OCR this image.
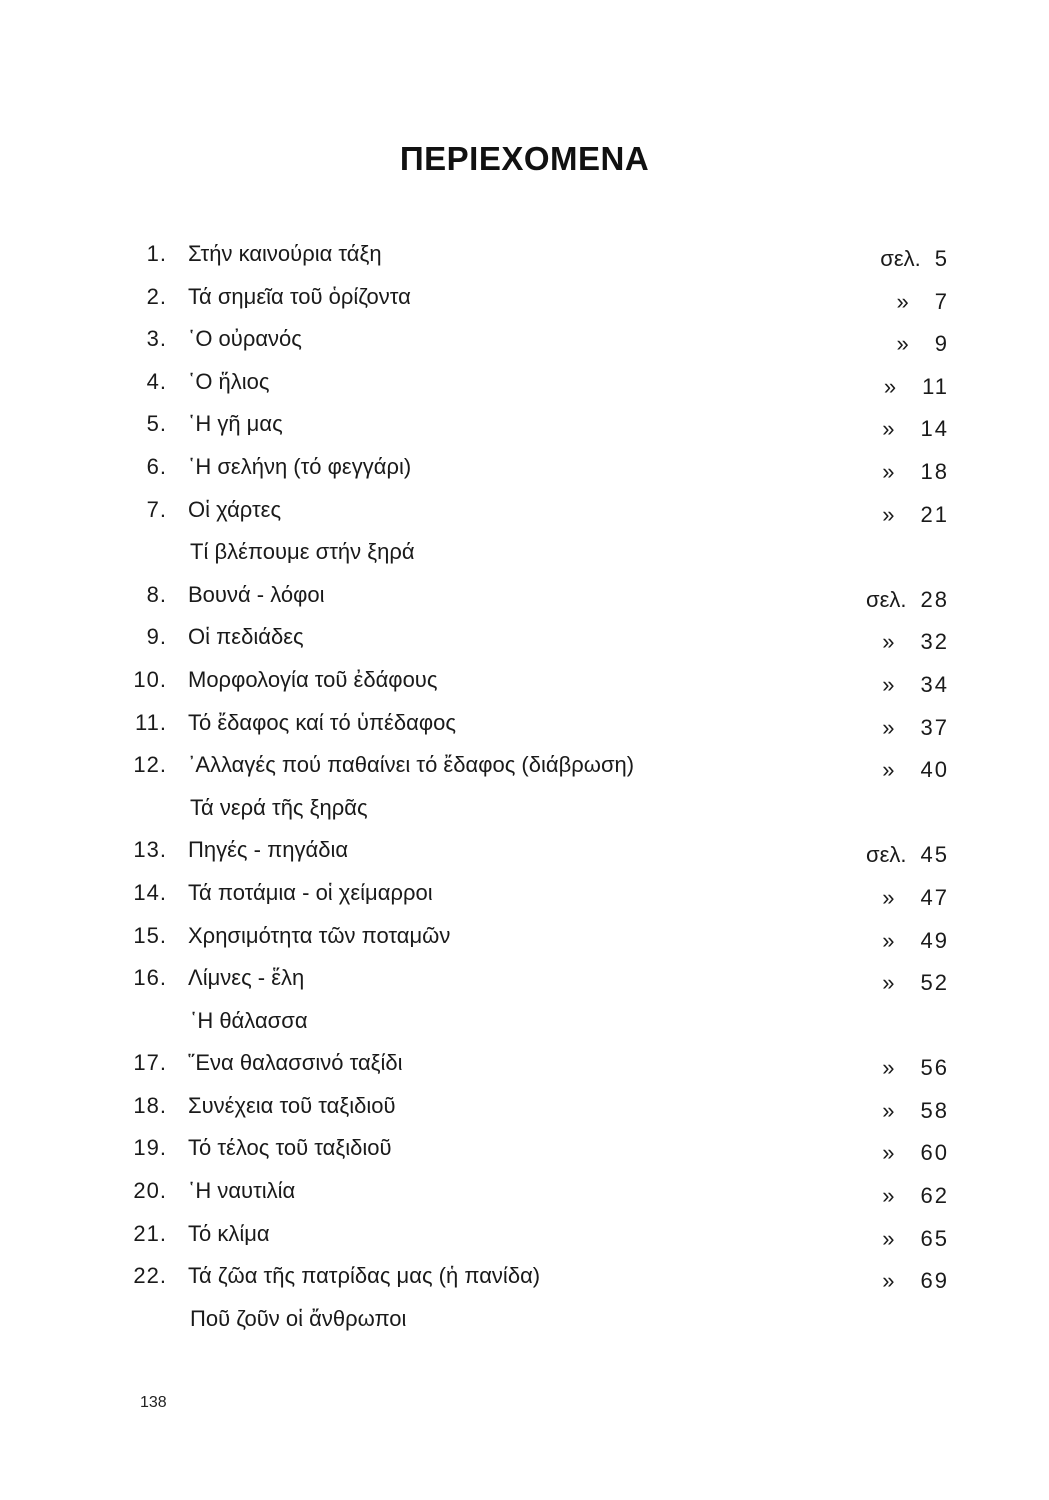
ΠΕΡΙΕΧΟΜΕΝΑ
1. Στήν καινούρια τάξη	σελ. 5
2. Τά σημεῖα τοῦ ὁρίζοντα	» 7
3. ῾Ο οὐρανός	» 9
4. ῾Ο ἥλιος	» 11
5. ῾Η γῆ μας	» 14
6. ῾Η σελήνη (τό φεγγάρι)	» 18
7. Οἱ χάρτες	» 21
Τί βλέπουμε στήν ξηρά
8. Βουνά - λόφοι	σελ. 28
9. Οἱ πεδιάδες	» 32
10. Μορφολογία τοῦ ἐδάφους	» 34
11. Τό ἔδαφος καί τό ὑπέδαφος	» 37
12. ᾿Αλλαγές πού παθαίνει τό ἔδαφος (διάβρωση)	» 40
Τά νερά τῆς ξηρᾶς
13. Πηγές - πηγάδια	σελ. 45
14. Τά ποτάμια - οἱ χείμαρροι	» 47
15. Χρησιμότητα τῶν ποταμῶν	» 49
16. Λίμνες - ἕλη	» 52
῾Η θάλασσα
17. ῞Ενα θαλασσινό ταξίδι	» 56
18. Συνέχεια τοῦ ταξιδιοῦ	» 58
19. Τό τέλος τοῦ ταξιδιοῦ	» 60
20. ῾Η ναυτιλία	» 62
21. Τό κλίμα	» 65
22. Τά ζῶα τῆς πατρίδας μας (ἡ πανίδα)	» 69
Ποῦ ζοῦν οἱ ἄνθρωποι
138
